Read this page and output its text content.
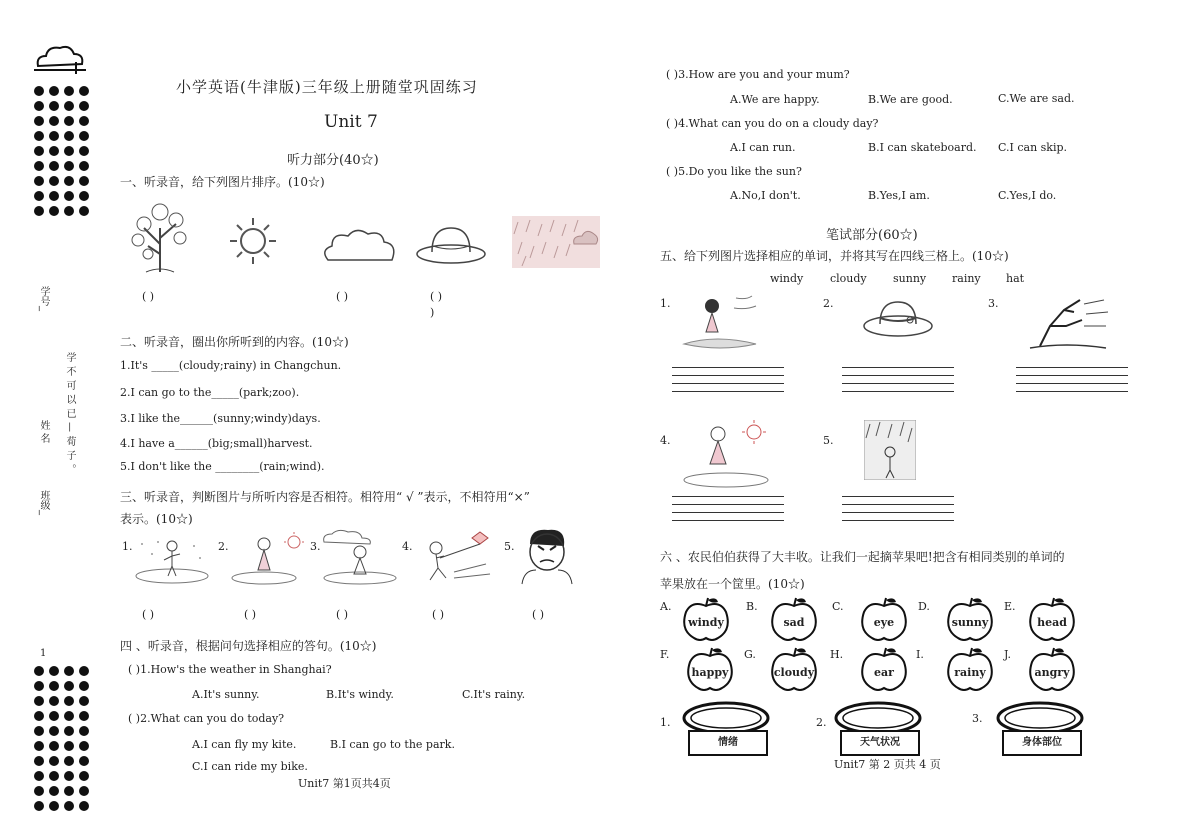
学号_
姓 名
班级_
学不可以已—荀子。
1
小学英语(牛津版)三年级上册随堂巩固练习
Unit 7
听力部分(40☆)
一、听录音，给下列图片排序。(10☆)
( )	( )	( )
)
二、听录音，圈出你所听到的内容。(10☆)
1.It's _____(cloudy;rainy) in Changchun.
2.I can go to the_____(park;zoo).
3.I like the______(sunny;windy)days.
4.I have a______(big;small)harvest.
5.I don't like the ________(rain;wind).
三、听录音，判断图片与所听内容是否相符。相符用“ √ ”表示，不相符用“×”
表示。(10☆)
1.	2.	3.	4.	5.
( )	( )	( )	( )	( )
四 、听录音，根据问句选择相应的答句。(10☆)
( )1.How's the weather in Shanghai?
A.It's sunny.	B.It's windy.	C.It's rainy.
( )2.What can you do today?
A.I can fly my kite.	B.I can go to the park.
C.I can ride my bike.
Unit7 第1页共4页
( )3.How are you and your mum?
A.We are happy.	B.We are good.	C.We are sad.
( )4.What can you do on a cloudy day?
A.I can run.	B.I can skateboard. C.I can skip.
( )5.Do you like the sun?
A.No,I don't.	B.Yes,I am.	C.Yes,I do.
笔试部分(60☆)
五、给下列图片选择相应的单词，并将其写在四线三格上。(10☆)
windy cloudy sunny rainy hat
1.	2.	3.
4.	5.
六 、农民伯伯获得了大丰收。让我们一起摘苹果吧!把含有相同类别的单词的
苹果放在一个筐里。(10☆)
A.
windy
B.
sad
C.
eye
D.
sunny
E.
head
F.
happy
G.
cloudy
H.
ear
I.
rainy
J.
angry
1.
情绪
2.
天气状况
3.
身体部位
Unit7 第 2 页共 4 页
